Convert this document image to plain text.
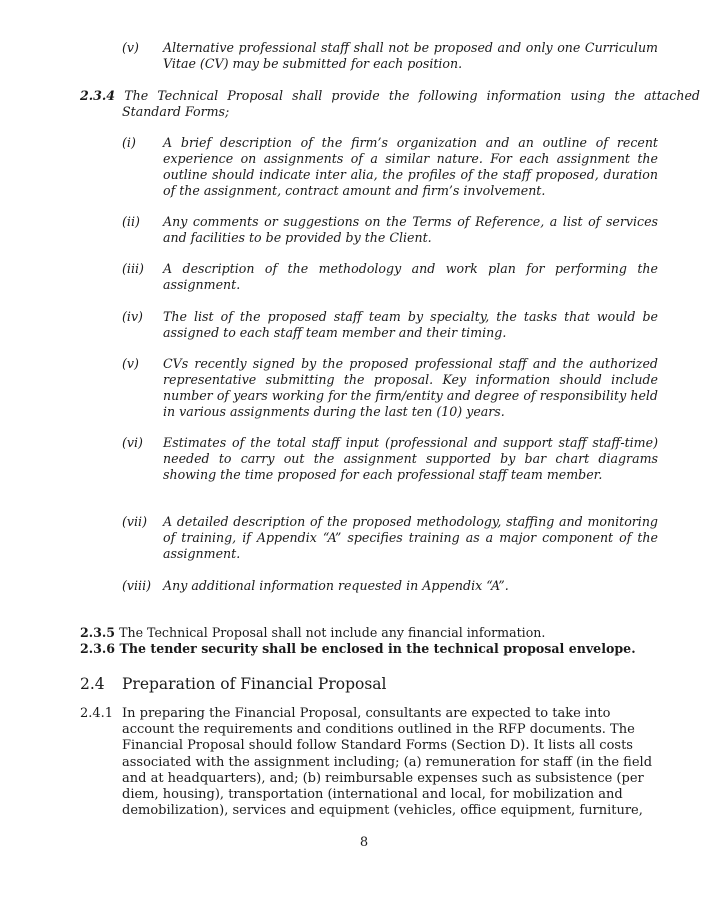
(v) Alternative professional staff shall not be proposed and only one Curriculum Vitae (CV) may be submitted for each position.
2.3.4 The Technical Proposal shall provide the following information using the attached Standard Forms;
(i) A brief description of the firm’s organization and an outline of recent experience on assignments of a similar nature. For each assignment the outline should indicate inter alia, the profiles of the staff proposed, duration of the assignment, contract amount and firm’s involvement.
(ii) Any comments or suggestions on the Terms of Reference, a list of services and facilities to be provided by the Client.
(iii) A description of the methodology and work plan for performing the assignment.
(iv) The list of the proposed staff team by specialty, the tasks that would be assigned to each staff team member and their timing.
(v) CVs recently signed by the proposed professional staff and the authorized representative submitting the proposal. Key information should include number of years working for the firm/entity and degree of responsibility held in various assignments during the last ten (10) years.
(vi) Estimates of the total staff input (professional and support staff staff-time) needed to carry out the assignment supported by bar chart diagrams showing the time proposed for each professional staff team member.
(vii) A detailed description of the proposed methodology, staffing and monitoring of training, if Appendix “A” specifies training as a major component of the assignment.
(viii) Any additional information requested in Appendix “A”.
2.3.5 The Technical Proposal shall not include any financial information.
2.3.6 The tender security shall be enclosed in the technical proposal envelope.
2.4 Preparation of Financial Proposal
2.4.1 In preparing the Financial Proposal, consultants are expected to take into account the requirements and conditions outlined in the RFP documents. The Financial Proposal should follow Standard Forms (Section D). It lists all costs associated with the assignment including; (a) remuneration for staff (in the field and at headquarters), and; (b) reimbursable expenses such as subsistence (per diem, housing), transportation (international and local, for mobilization and demobilization), services and equipment (vehicles, office equipment, furniture,
8
